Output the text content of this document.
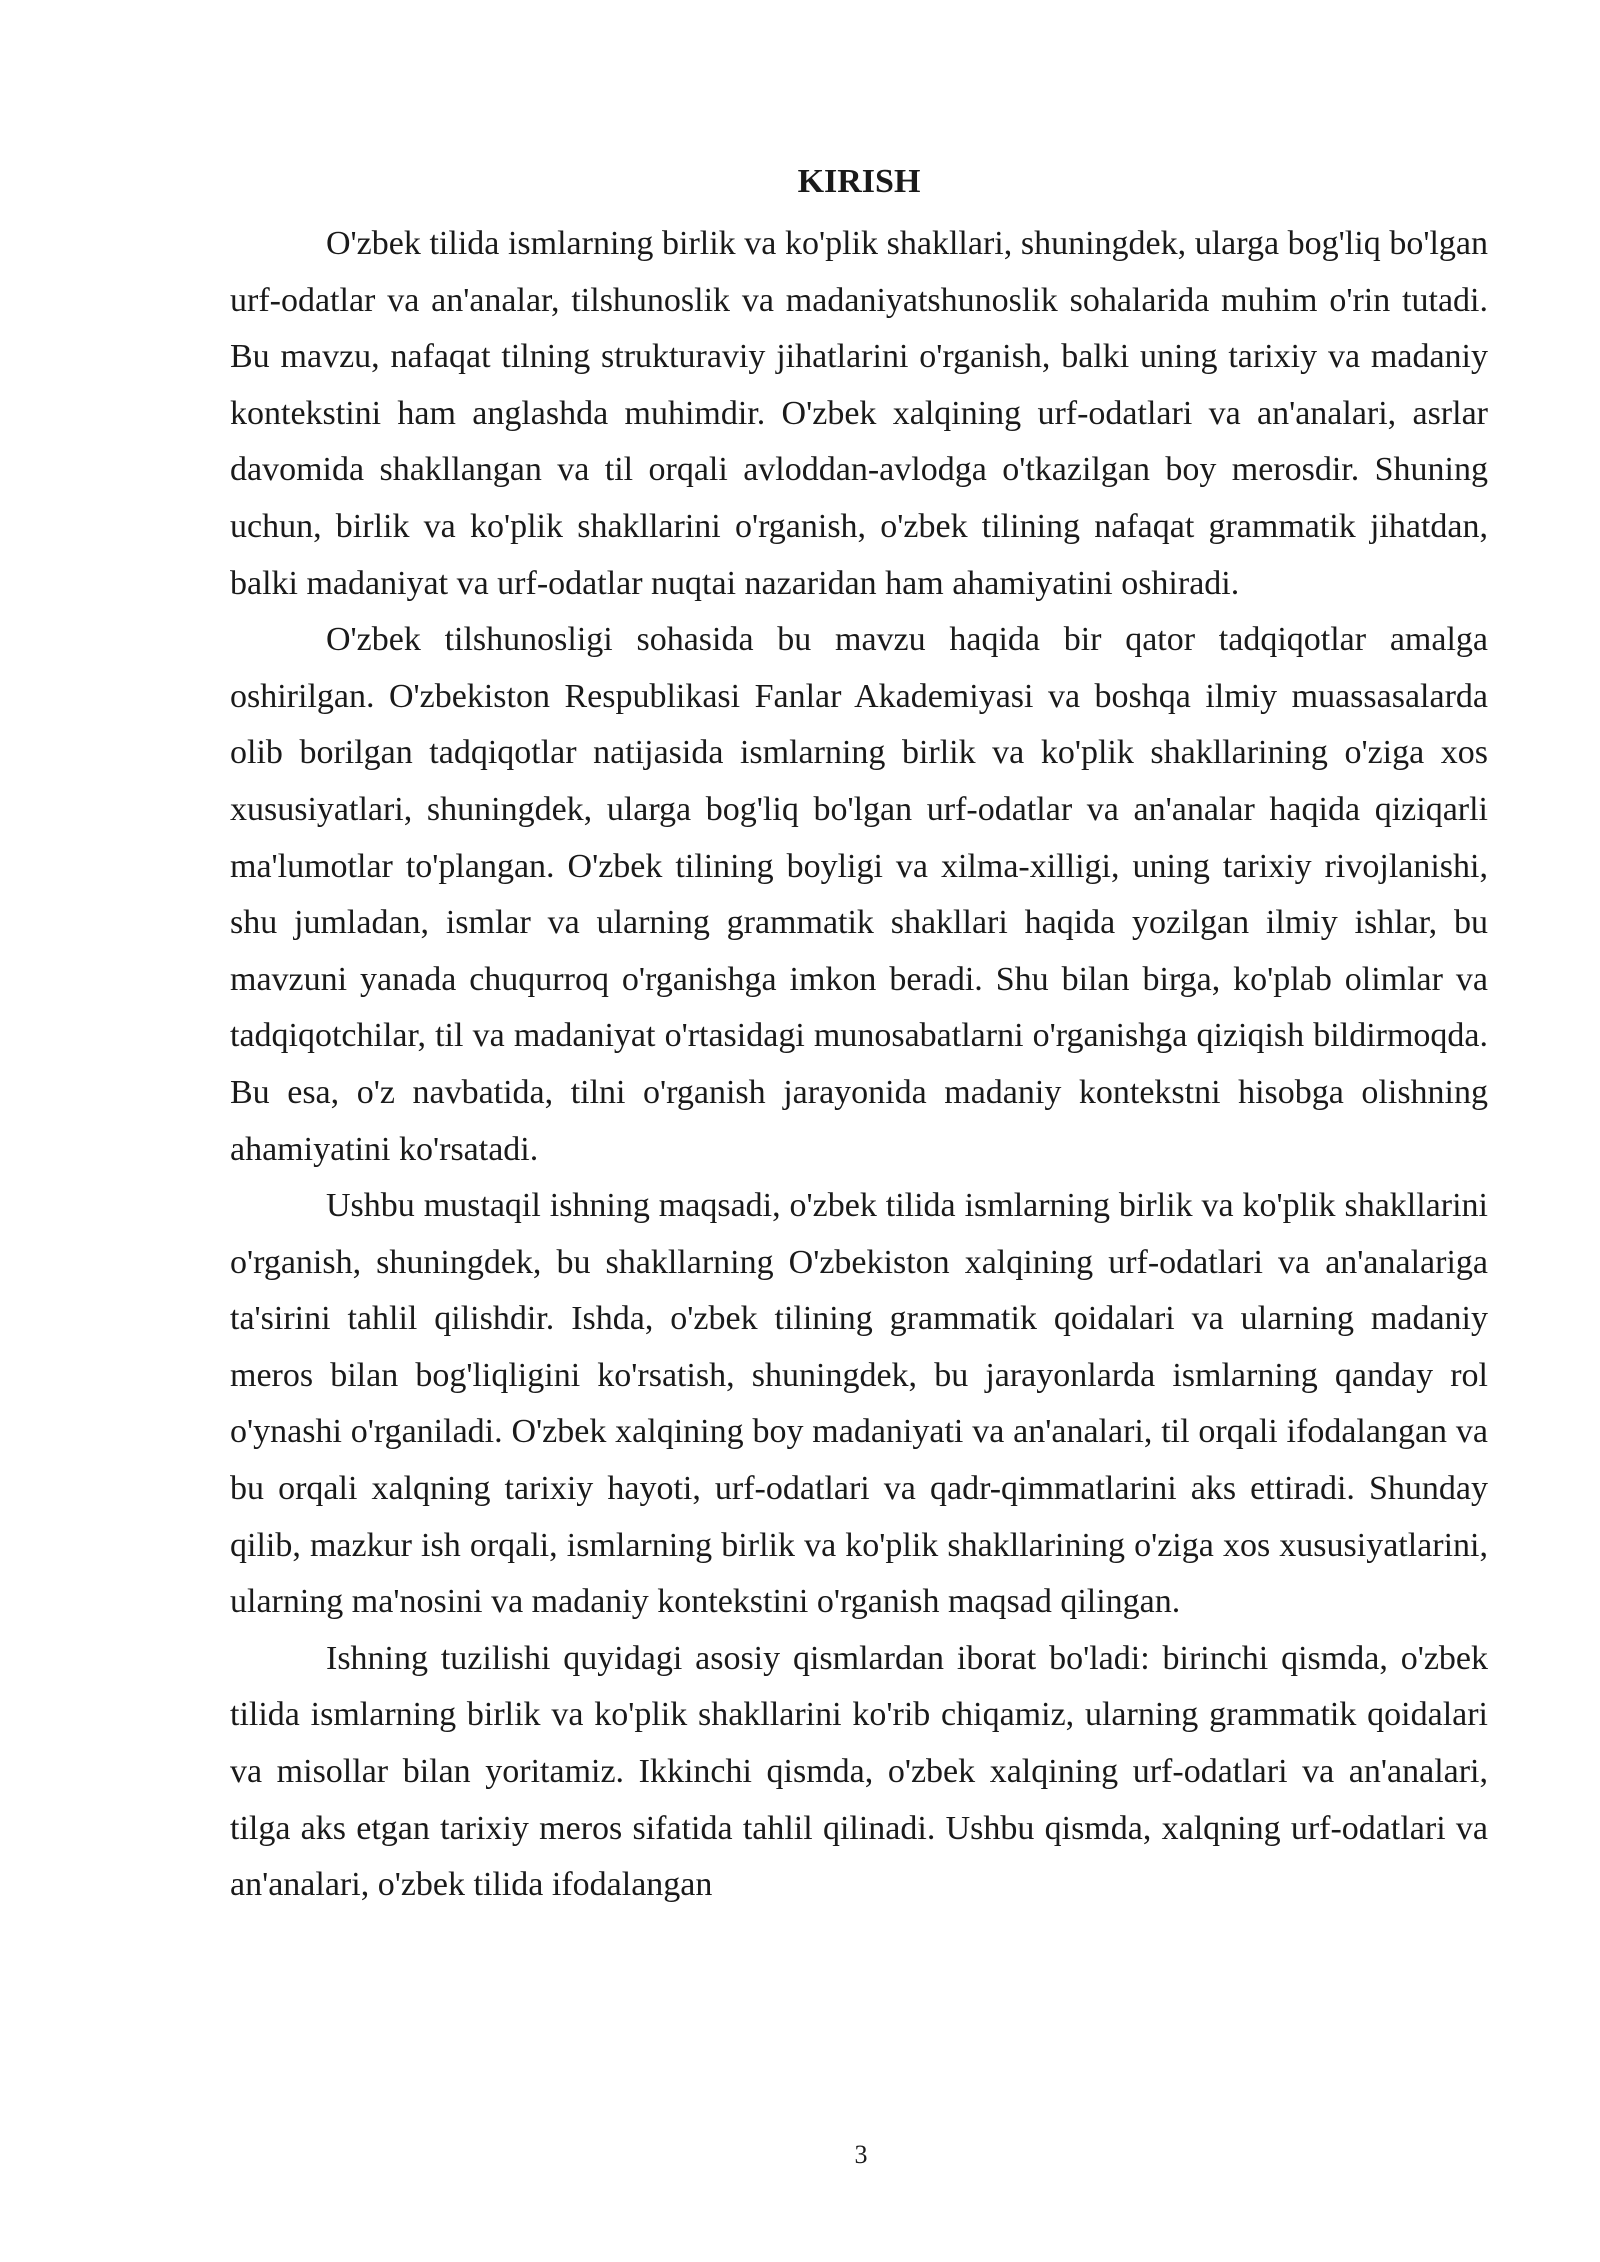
KIRISH

O'zbek tilida ismlarning birlik va ko'plik shakllari, shuningdek, ularga bog'liq bo'lgan urf-odatlar va an'analar, tilshunoslik va madaniyatshunoslik sohalarida muhim o'rin tutadi. Bu mavzu, nafaqat tilning strukturaviy jihatlarini o'rganish, balki uning tarixiy va madaniy kontekstini ham anglashda muhimdir. O'zbek xalqining urf-odatlari va an'analari, asrlar davomida shakllangan va til orqali avloddan-avlodga o'tkazilgan boy merosdir. Shuning uchun, birlik va ko'plik shakllarini o'rganish, o'zbek tilining nafaqat grammatik jihatdan, balki madaniyat va urf-odatlar nuqtai nazaridan ham ahamiyatini oshiradi.

O'zbek tilshunosligi sohasida bu mavzu haqida bir qator tadqiqotlar amalga oshirilgan. O'zbekiston Respublikasi Fanlar Akademiyasi va boshqa ilmiy muassasalarda olib borilgan tadqiqotlar natijasida ismlarning birlik va ko'plik shakllarining o'ziga xos xususiyatlari, shuningdek, ularga bog'liq bo'lgan urf-odatlar va an'analar haqida qiziqarli ma'lumotlar to'plangan. O'zbek tilining boyligi va xilma-xilligi, uning tarixiy rivojlanishi, shu jumladan, ismlar va ularning grammatik shakllari haqida yozilgan ilmiy ishlar, bu mavzuni yanada chuqurroq o'rganishga imkon beradi. Shu bilan birga, ko'plab olimlar va tadqiqotchilar, til va madaniyat o'rtasidagi munosabatlarni o'rganishga qiziqish bildirmoqda. Bu esa, o'z navbatida, tilni o'rganish jarayonida madaniy kontekstni hisobga olishning ahamiyatini ko'rsatadi.

Ushbu mustaqil ishning maqsadi, o'zbek tilida ismlarning birlik va ko'plik shakllarini o'rganish, shuningdek, bu shakllarning O'zbekiston xalqining urf-odatlari va an'analariga ta'sirini tahlil qilishdir. Ishda, o'zbek tilining grammatik qoidalari va ularning madaniy meros bilan bog'liqligini ko'rsatish, shuningdek, bu jarayonlarda ismlarning qanday rol o'ynashi o'rganiladi. O'zbek xalqining boy madaniyati va an'analari, til orqali ifodalangan va bu orqali xalqning tarixiy hayoti, urf-odatlari va qadr-qimmatlarini aks ettiradi. Shunday qilib, mazkur ish orqali, ismlarning birlik va ko'plik shakllarining o'ziga xos xususiyatlarini, ularning ma'nosini va madaniy kontekstini o'rganish maqsad qilingan.

Ishning tuzilishi quyidagi asosiy qismlardan iborat bo'ladi: birinchi qismda, o'zbek tilida ismlarning birlik va ko'plik shakllarini ko'rib chiqamiz, ularning grammatik qoidalari va misollar bilan yoritamiz. Ikkinchi qismda, o'zbek xalqining urf-odatlari va an'analari, tilga aks etgan tarixiy meros sifatida tahlil qilinadi. Ushbu qismda, xalqning urf-odatlari va an'analari, o'zbek tilida ifodalangan

3
